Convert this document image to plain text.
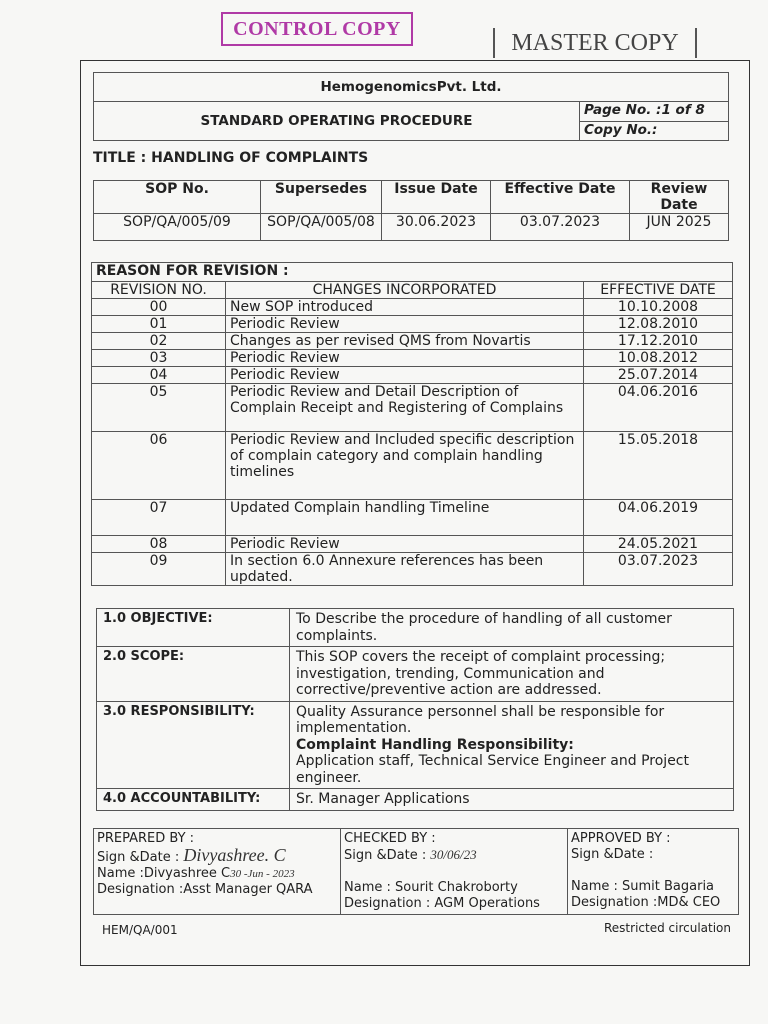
CONTROL COPY
MASTER COPY
HemogenomicsPvt. Ltd.
STANDARD OPERATING PROCEDURE	Page No. :1 of 8
Copy No.:
TITLE : HANDLING OF COMPLAINTS
SOP No.	Supersedes	Issue Date	Effective Date	Review Date
SOP/QA/005/09	SOP/QA/005/08	30.06.2023	03.07.2023	JUN 2025
REASON FOR REVISION :		
REVISION NO.	CHANGES INCORPORATED	EFFECTIVE DATE
00	New SOP introduced	10.10.2008
01	Periodic Review	12.08.2010
02	Changes as per revised QMS from Novartis	17.12.2010
03	Periodic Review	10.08.2012
04	Periodic Review	25.07.2014
05	Periodic Review and Detail Description of Complain Receipt and Registering of Complains	04.06.2016
06	Periodic Review and Included specific description of complain category and complain handling timelines	15.05.2018
07	Updated Complain handling Timeline	04.06.2019
08	Periodic Review	24.05.2021
09	In section 6.0 Annexure references has been updated.	03.07.2023
1.0 OBJECTIVE:	To Describe the procedure of handling of all customer complaints.
2.0 SCOPE:	This SOP covers the receipt of complaint processing; investigation, trending, Communication and corrective/preventive action are addressed.
3.0 RESPONSIBILITY:	Quality Assurance personnel shall be responsible for implementation.
Complaint Handling Responsibility:
Application staff, Technical Service Engineer and Project engineer.

4.0 ACCOUNTABILITY:	Sr. Manager Applications
PREPARED BY :
Sign &Date : Divyashree. C
Name :Divyashree C30 -Jun - 2023
Designation :Asst Manager QARA

CHECKED BY :
Sign &Date : 30/06/23
Name : Sourit Chakroborty
Designation : AGM Operations

APPROVED BY :
Sign &Date :
Name : Sumit Bagaria
Designation :MD& CEO
HEM/QA/001	Restricted circulation
